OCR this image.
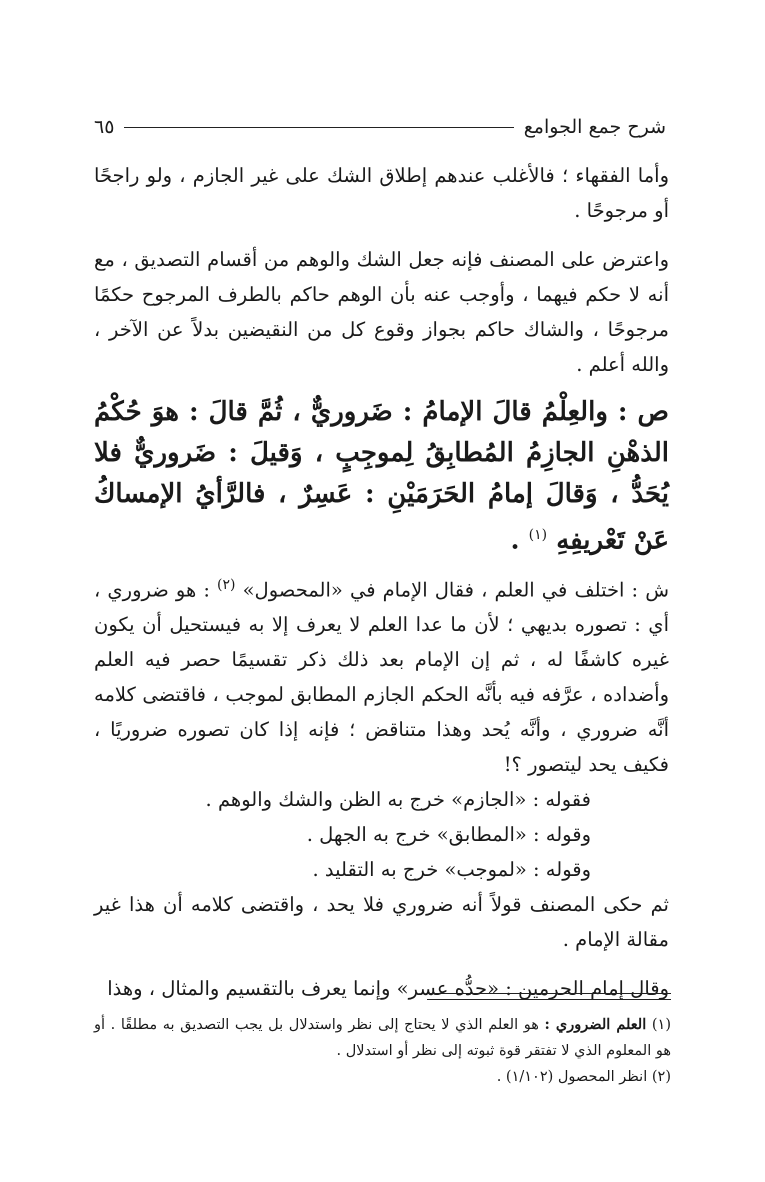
شرح جمع الجوامع
٦٥

وأما الفقهاء ؛ فالأغلب عندهم إطلاق الشك على غير الجازم ، ولو راجحًا أو مرجوحًا .

واعترض على المصنف فإنه جعل الشك والوهم من أقسام التصديق ، مع أنه لا حكم فيهما ، وأوجب عنه بأن الوهم حاكم بالطرف المرجوح حكمًا مرجوحًا ، والشاك حاكم بجواز وقوع كل من النقيضين بدلاً عن الآخر ، والله أعلم .

ص : والعِلْمُ قالَ الإمامُ : ضَروريٌّ ، ثُمَّ قالَ : هوَ حُكْمُ الذهْنِ الجازِمُ المُطابِقُ لِموجِبٍ ، وَقيلَ : ضَروريٌّ فلا يُحَدُّ ، وَقالَ إمامُ الحَرَمَيْنِ : عَسِرٌ ، فالرَّأيُ الإمساكُ عَنْ تَعْريفِهِ $^{(١)}$ .

ش : اختلف في العلم ، فقال الإمام في «المحصول» $^{(٢)}$ : هو ضروري ، أي : تصوره بديهي ؛ لأن ما عدا العلم لا يعرف إلا به فيستحيل أن يكون غيره كاشفًا له ، ثم إن الإمام بعد ذلك ذكر تقسيمًا حصر فيه العلم وأضداده ، عرَّفه فيه بأنَّه الحكم الجازم المطابق لموجب ، فاقتضى كلامه أنَّه ضروري ، وأنَّه يُحد وهذا متناقض ؛ فإنه إذا كان تصوره ضروريًا ، فكيف يحد ليتصور ؟!

فقوله : «الجازم» خرج به الظن والشك والوهم .

وقوله : «المطابق» خرج به الجهل .

وقوله : «لموجب» خرج به التقليد .

ثم حكى المصنف قولاً أنه ضروري فلا يحد ، واقتضى كلامه أن هذا غير مقالة الإمام .

وقال إمام الحرمين : «حدُّه عسر» وإنما يعرف بالتقسيم والمثال ، وهذا

(١) العلم الضروري : هو العلم الذي لا يحتاج إلى نظر واستدلال بل يجب التصديق به مطلقًا . أو هو المعلوم الذي لا تفتقر قوة ثبوته إلى نظر أو استدلال .

(٢) انظر المحصول (١/١٠٢) .
